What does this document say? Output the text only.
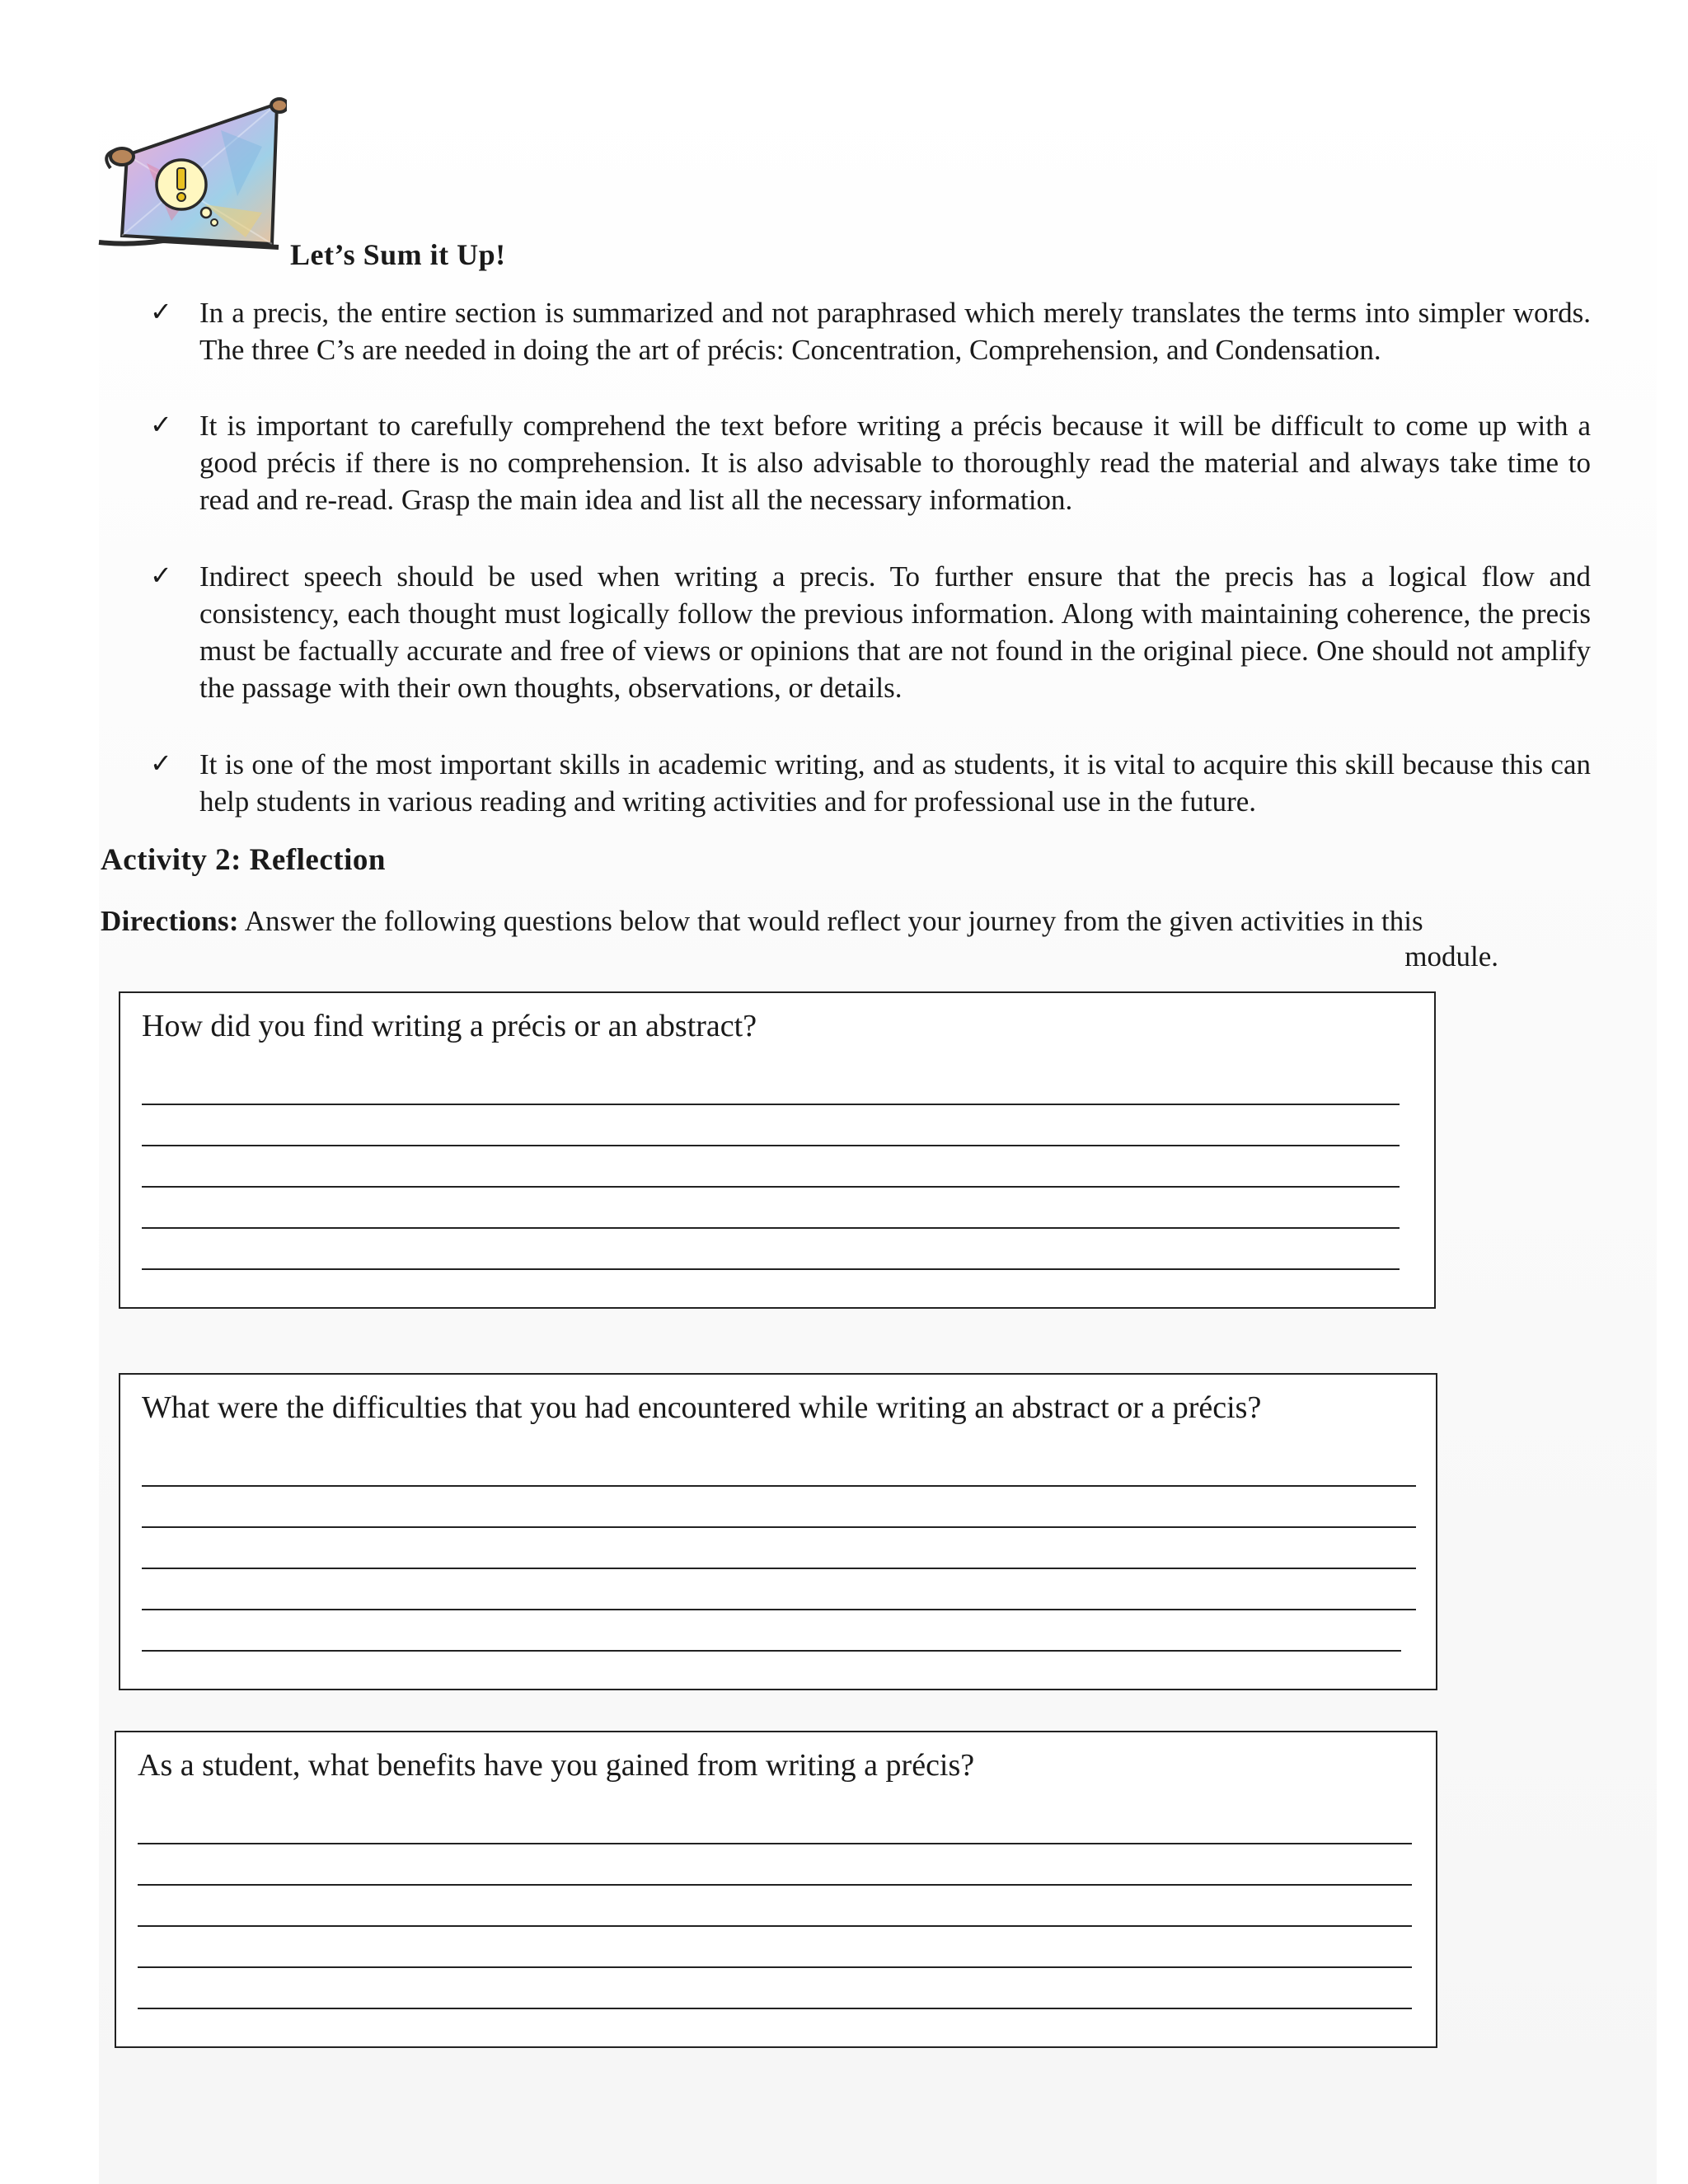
Let’s Sum it Up!
✓ In a precis, the entire section is summarized and not paraphrased which merely translates the terms into simpler words. The three C’s are needed in doing the art of précis: Concentration, Comprehension, and Condensation.
✓ It is important to carefully comprehend the text before writing a précis because it will be difficult to come up with a good précis if there is no comprehension. It is also advisable to thoroughly read the material and always take time to read and re-read. Grasp the main idea and list all the necessary information.
✓ Indirect speech should be used when writing a precis. To further ensure that the precis has a logical flow and consistency, each thought must logically follow the previous information. Along with maintaining coherence, the precis must be factually accurate and free of views or opinions that are not found in the original piece. One should not amplify the passage with their own thoughts, observations, or details.
✓ It is one of the most important skills in academic writing, and as students, it is vital to acquire this skill because this can help students in various reading and writing activities and for professional use in the future.
Activity 2: Reflection
Directions: Answer the following questions below that would reflect your journey from the given activities in this module.
How did you find writing a précis or an abstract?
What were the difficulties that you had encountered while writing an abstract or a précis?
As a student, what benefits have you gained from writing a précis?
